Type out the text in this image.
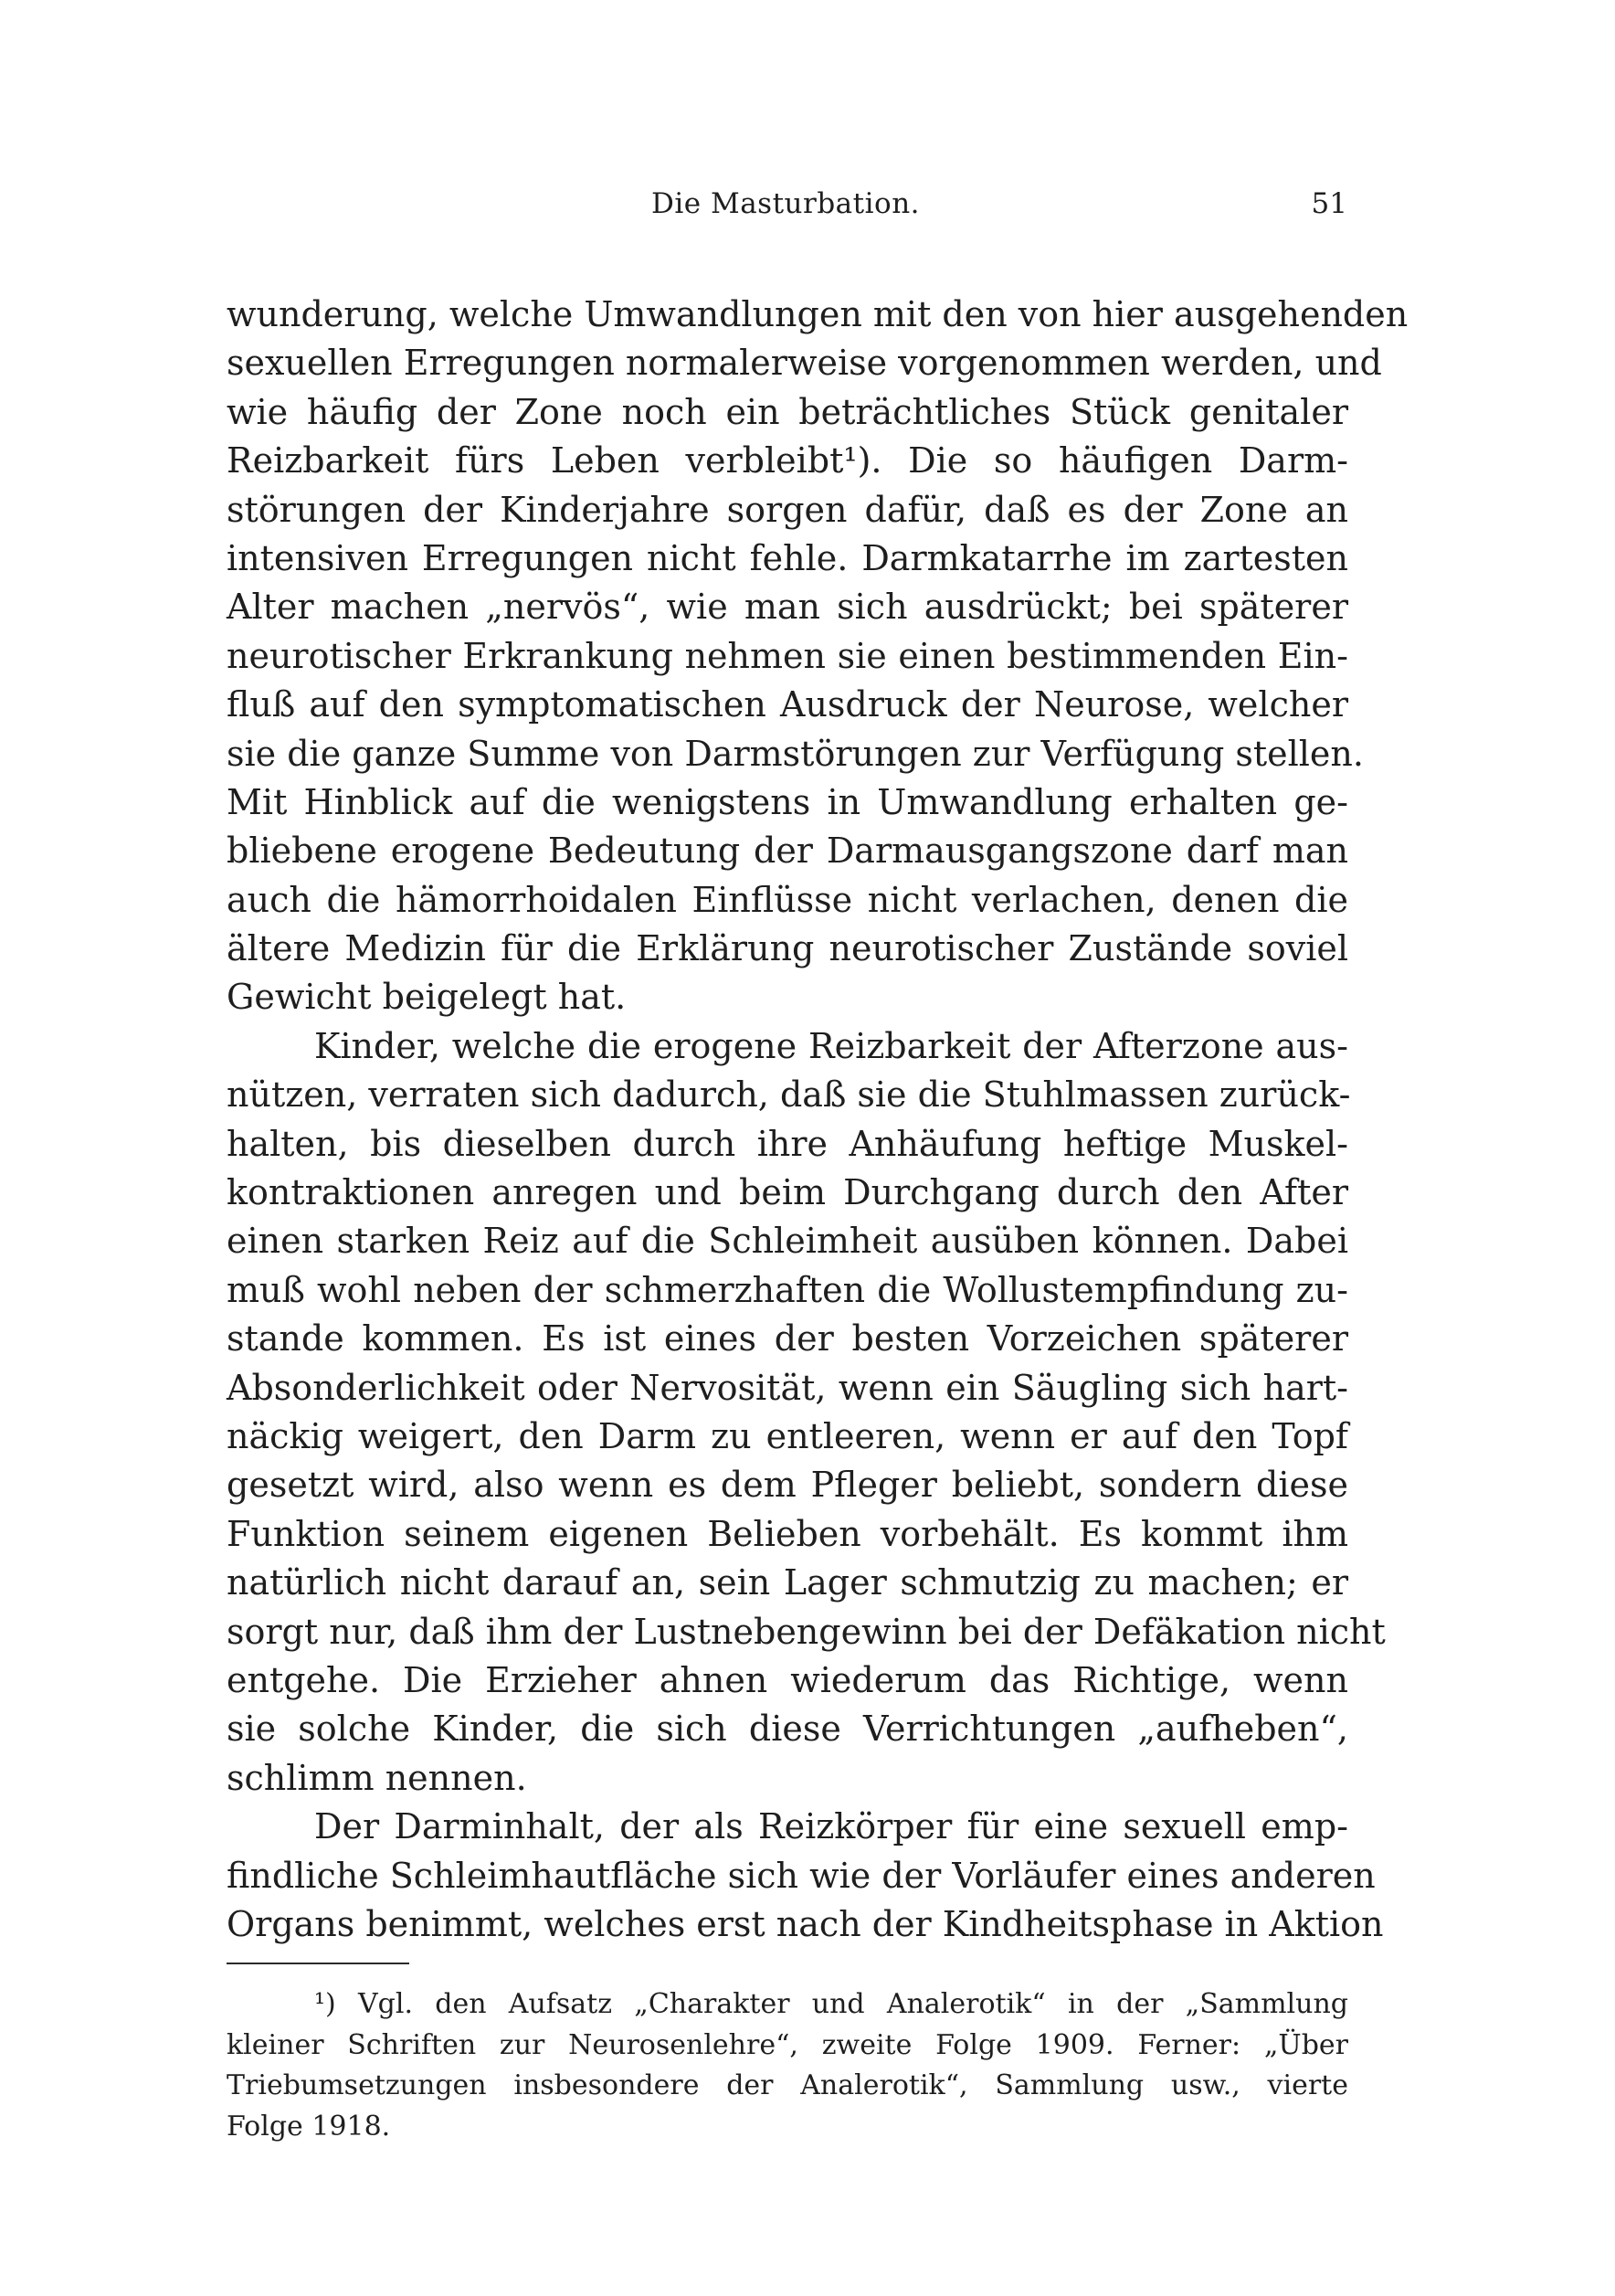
Die Masturbation.	51
wunderung, welche Umwandlungen mit den von hier ausgehenden
sexuellen Erregungen normalerweise vorgenommen werden, und
wie häufig der Zone noch ein beträchtliches Stück genitaler
Reizbarkeit fürs Leben verbleibt¹). Die so häufigen Darm-
störungen der Kinderjahre sorgen dafür, daß es der Zone an
intensiven Erregungen nicht fehle. Darmkatarrhe im zartesten
Alter machen „nervös“, wie man sich ausdrückt; bei späterer
neurotischer Erkrankung nehmen sie einen bestimmenden Ein-
fluß auf den symptomatischen Ausdruck der Neurose, welcher
sie die ganze Summe von Darmstörungen zur Verfügung stellen.
Mit Hinblick auf die wenigstens in Umwandlung erhalten ge-
bliebene erogene Bedeutung der Darmausgangszone darf man
auch die hämorrhoidalen Einflüsse nicht verlachen, denen die
ältere Medizin für die Erklärung neurotischer Zustände soviel
Gewicht beigelegt hat.
Kinder, welche die erogene Reizbarkeit der Afterzone aus-
nützen, verraten sich dadurch, daß sie die Stuhlmassen zurück-
halten, bis dieselben durch ihre Anhäufung heftige Muskel-
kontraktionen anregen und beim Durchgang durch den After
einen starken Reiz auf die Schleimheit ausüben können. Dabei
muß wohl neben der schmerzhaften die Wollustempfindung zu-
stande kommen. Es ist eines der besten Vorzeichen späterer
Absonderlichkeit oder Nervosität, wenn ein Säugling sich hart-
näckig weigert, den Darm zu entleeren, wenn er auf den Topf
gesetzt wird, also wenn es dem Pfleger beliebt, sondern diese
Funktion seinem eigenen Belieben vorbehält. Es kommt ihm
natürlich nicht darauf an, sein Lager schmutzig zu machen; er
sorgt nur, daß ihm der Lustnebengewinn bei der Defäkation nicht
entgehe. Die Erzieher ahnen wiederum das Richtige, wenn
sie solche Kinder, die sich diese Verrichtungen „aufheben“,
schlimm nennen.
Der Darminhalt, der als Reizkörper für eine sexuell emp-
findliche Schleimhautfläche sich wie der Vorläufer eines anderen
Organs benimmt, welches erst nach der Kindheitsphase in Aktion
¹) Vgl. den Aufsatz „Charakter und Analerotik“ in der „Sammlung
kleiner Schriften zur Neurosenlehre“, zweite Folge 1909. Ferner: „Über
Triebumsetzungen insbesondere der Analerotik“, Sammlung usw., vierte
Folge 1918.
